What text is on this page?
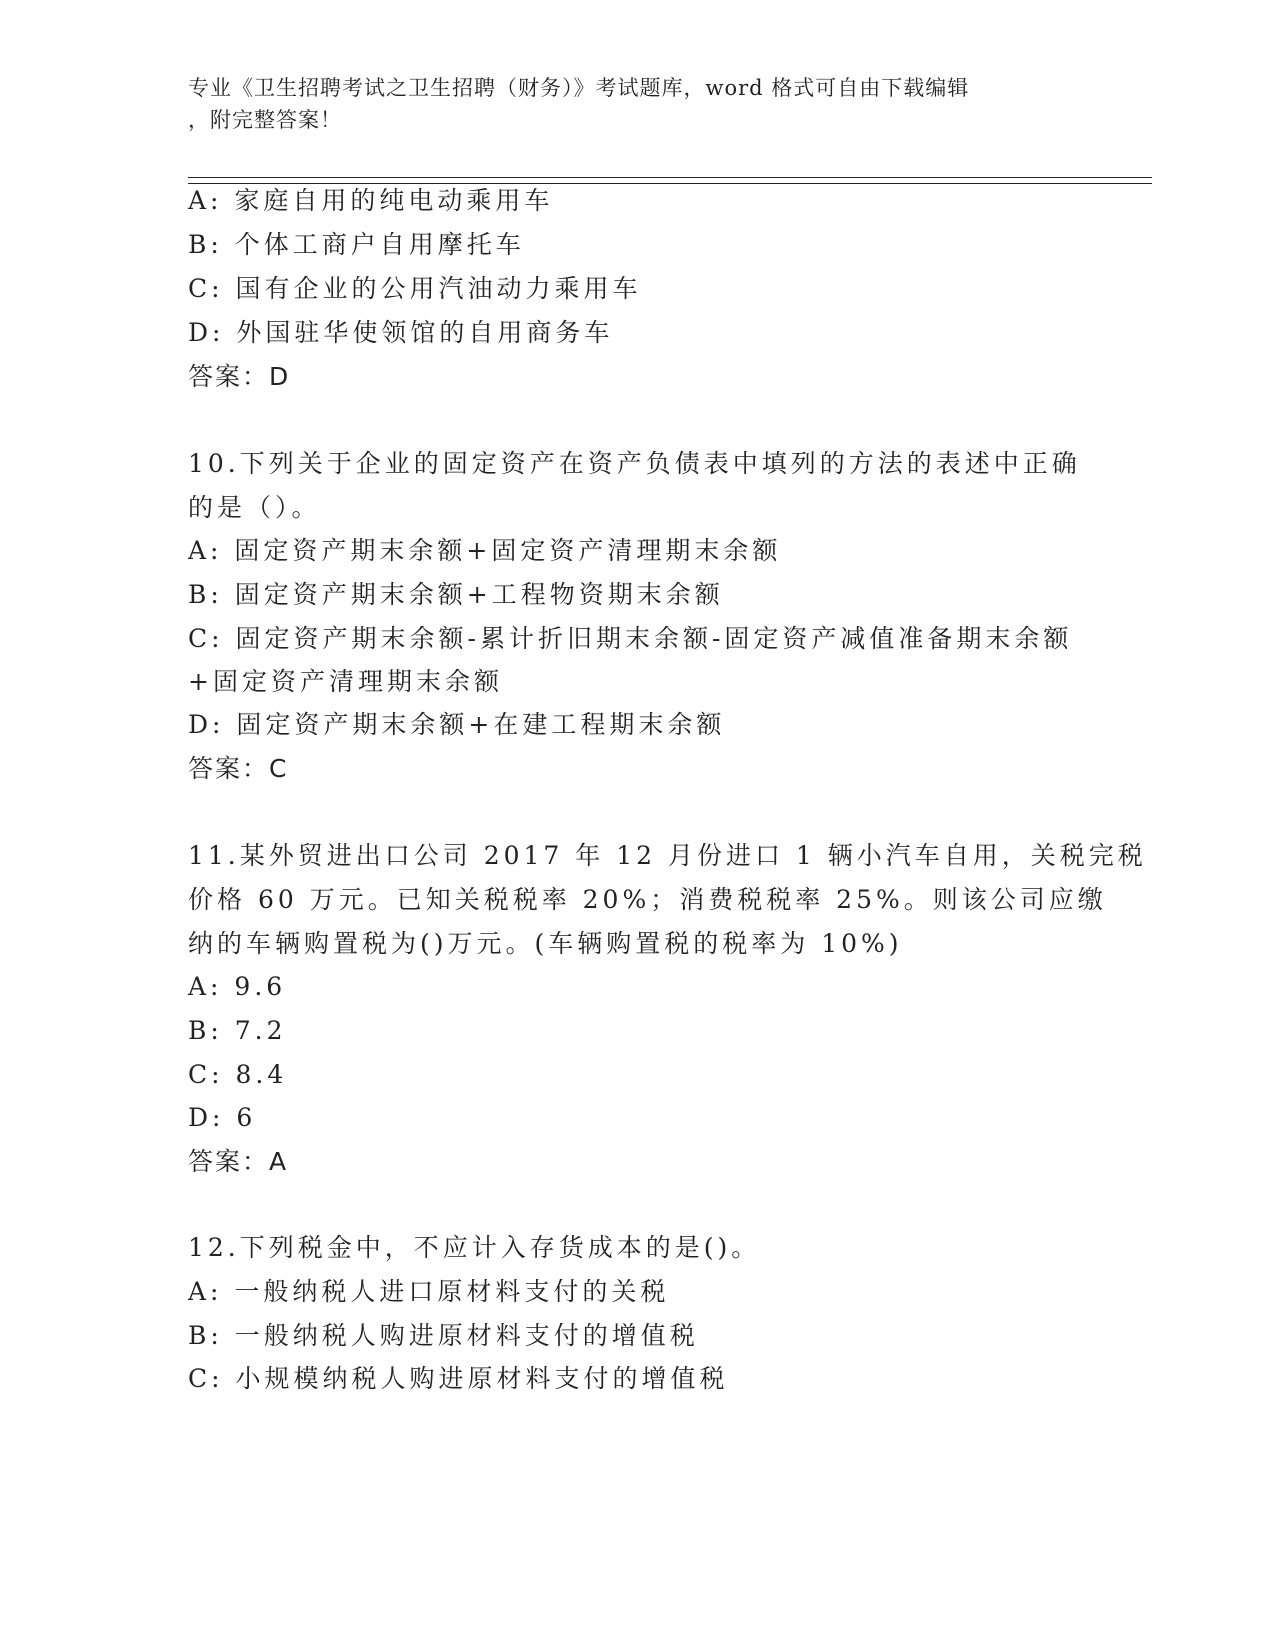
专业《卫生招聘考试之卫生招聘（财务）》考试题库，word 格式可自由下载编辑
，附完整答案！
A: 家庭自用的纯电动乘用车
B: 个体工商户自用摩托车
C: 国有企业的公用汽油动力乘用车
D: 外国驻华使领馆的自用商务车
答案：D
10.下列关于企业的固定资产在资产负债表中填列的方法的表述中正确
的是（）。
A: 固定资产期末余额+固定资产清理期末余额
B: 固定资产期末余额+工程物资期末余额
C: 固定资产期末余额-累计折旧期末余额-固定资产减值准备期末余额
+固定资产清理期末余额
D: 固定资产期末余额+在建工程期末余额
答案：C
11.某外贸进出口公司 2017 年 12 月份进口 1 辆小汽车自用，关税完税
价格 60 万元。已知关税税率 20%；消费税税率 25%。则该公司应缴
纳的车辆购置税为()万元。(车辆购置税的税率为 10%)
A: 9.6
B: 7.2
C: 8.4
D: 6
答案：A
12.下列税金中，不应计入存货成本的是()。
A: 一般纳税人进口原材料支付的关税
B: 一般纳税人购进原材料支付的增值税
C: 小规模纳税人购进原材料支付的增值税
